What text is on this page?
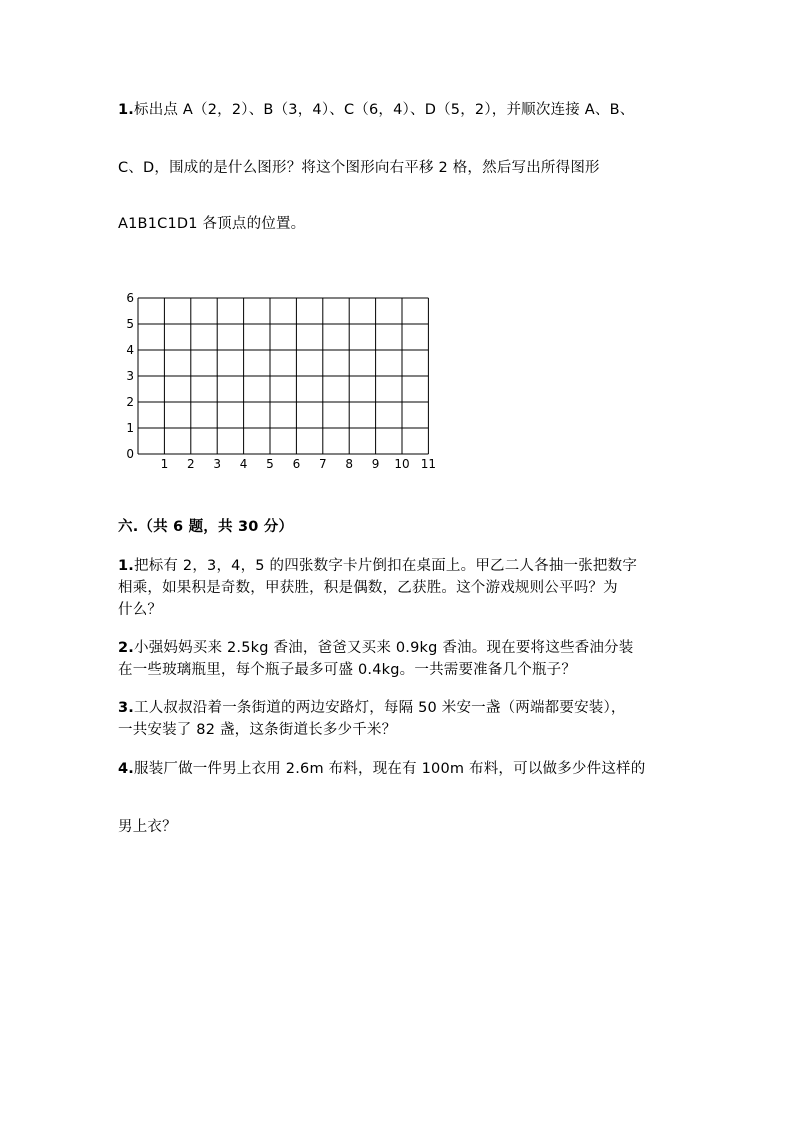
1.标出点 A（2，2）、B（3，4）、C（6，4）、D（5，2），并顺次连接 A、B、
C、D，围成的是什么图形？将这个图形向右平移 2 格，然后写出所得图形
A1B1C1D1 各顶点的位置。
1 2 3 4 5 6 7 8 9 10 11
0
1
2
3
4
5
6
六.（共 6 题，共 30 分）
1.把标有 2，3，4，5 的四张数字卡片倒扣在桌面上。甲乙二人各抽一张把数字
相乘，如果积是奇数，甲获胜，积是偶数，乙获胜。这个游戏规则公平吗？为
什么？
2.小强妈妈买来 2.5kg 香油，爸爸又买来 0.9kg 香油。现在要将这些香油分装
在一些玻璃瓶里，每个瓶子最多可盛 0.4kg。一共需要准备几个瓶子？
3.工人叔叔沿着一条街道的两边安路灯，每隔 50 米安一盏（两端都要安装），
一共安装了 82 盏，这条街道长多少千米？
4.服装厂做一件男上衣用 2.6m 布料，现在有 100m 布料，可以做多少件这样的
男上衣？
